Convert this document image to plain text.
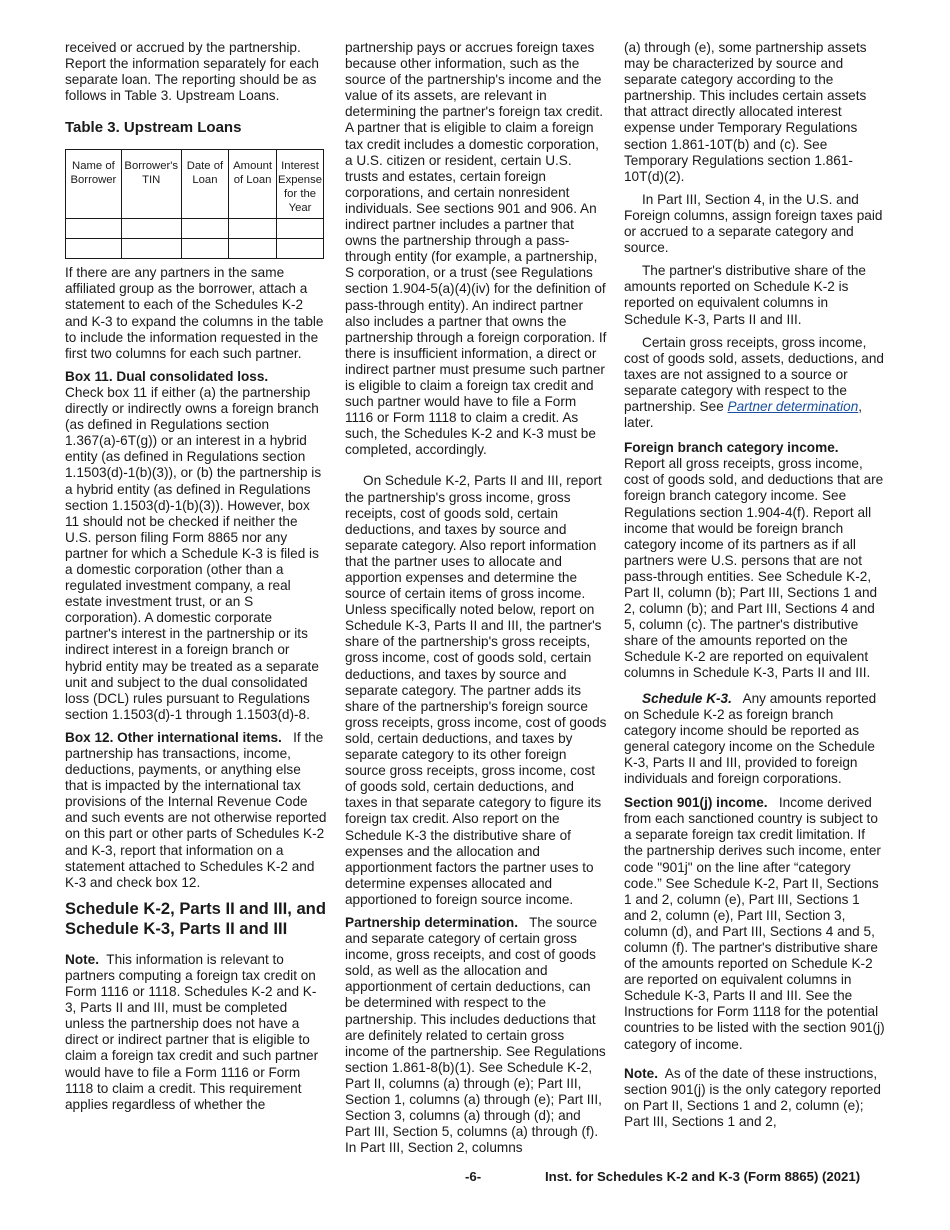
received or accrued by the partnership. Report the information separately for each separate loan. The reporting should be as follows in Table 3. Upstream Loans.

Table 3. Upstream Loans
Name of Borrower	Borrower's TIN	Date of Loan	Amount of Loan	Interest Expense for the Year

If there are any partners in the same affiliated group as the borrower, attach a statement to each of the Schedules K-2 and K-3 to expand the columns in the table to include the information requested in the first two columns for each such partner.

Box 11. Dual consolidated loss.
Check box 11 if either (a) the partnership directly or indirectly owns a foreign branch (as defined in Regulations section 1.367(a)-6T(g)) or an interest in a hybrid entity (as defined in Regulations section 1.1503(d)-1(b)(3)), or (b) the partnership is a hybrid entity (as defined in Regulations section 1.1503(d)-1(b)(3)). However, box 11 should not be checked if neither the U.S. person filing Form 8865 nor any partner for which a Schedule K-3 is filed is a domestic corporation (other than a regulated investment company, a real estate investment trust, or an S corporation). A domestic corporate partner's interest in the partnership or its indirect interest in a foreign branch or hybrid entity may be treated as a separate unit and subject to the dual consolidated loss (DCL) rules pursuant to Regulations section 1.1503(d)-1 through 1.1503(d)-8.

Box 12. Other international items. If the partnership has transactions, income, deductions, payments, or anything else that is impacted by the international tax provisions of the Internal Revenue Code and such events are not otherwise reported on this part or other parts of Schedules K-2 and K-3, report that information on a statement attached to Schedules K-2 and K-3 and check box 12.

Schedule K-2, Parts II and III, and Schedule K-3, Parts II and III

Note. This information is relevant to partners computing a foreign tax credit on Form 1116 or 1118. Schedules K-2 and K-3, Parts II and III, must be completed unless the partnership does not have a direct or indirect partner that is eligible to claim a foreign tax credit and such partner would have to file a Form 1116 or Form 1118 to claim a credit. This requirement applies regardless of whether the

partnership pays or accrues foreign taxes because other information, such as the source of the partnership's income and the value of its assets, are relevant in determining the partner's foreign tax credit. A partner that is eligible to claim a foreign tax credit includes a domestic corporation, a U.S. citizen or resident, certain U.S. trusts and estates, certain foreign corporations, and certain nonresident individuals. See sections 901 and 906. An indirect partner includes a partner that owns the partnership through a pass-through entity (for example, a partnership, S corporation, or a trust (see Regulations section 1.904-5(a)(4)(iv) for the definition of pass-through entity). An indirect partner also includes a partner that owns the partnership through a foreign corporation. If there is insufficient information, a direct or indirect partner must presume such partner is eligible to claim a foreign tax credit and such partner would have to file a Form 1116 or Form 1118 to claim a credit. As such, the Schedules K-2 and K-3 must be completed, accordingly.

On Schedule K-2, Parts II and III, report the partnership's gross income, gross receipts, cost of goods sold, certain deductions, and taxes by source and separate category. Also report information that the partner uses to allocate and apportion expenses and determine the source of certain items of gross income. Unless specifically noted below, report on Schedule K-3, Parts II and III, the partner's share of the partnership's gross receipts, gross income, cost of goods sold, certain deductions, and taxes by source and separate category. The partner adds its share of the partnership's foreign source gross receipts, gross income, cost of goods sold, certain deductions, and taxes by separate category to its other foreign source gross receipts, gross income, cost of goods sold, certain deductions, and taxes in that separate category to figure its foreign tax credit. Also report on the Schedule K-3 the distributive share of expenses and the allocation and apportionment factors the partner uses to determine expenses allocated and apportioned to foreign source income.

Partnership determination. The source and separate category of certain gross income, gross receipts, and cost of goods sold, as well as the allocation and apportionment of certain deductions, can be determined with respect to the partnership. This includes deductions that are definitely related to certain gross income of the partnership. See Regulations section 1.861-8(b)(1). See Schedule K-2, Part II, columns (a) through (e); Part III, Section 1, columns (a) through (e); Part III, Section 3, columns (a) through (d); and Part III, Section 5, columns (a) through (f). In Part III, Section 2, columns

(a) through (e), some partnership assets may be characterized by source and separate category according to the partnership. This includes certain assets that attract directly allocated interest expense under Temporary Regulations section 1.861-10T(b) and (c). See Temporary Regulations section 1.861-10T(d)(2).

In Part III, Section 4, in the U.S. and Foreign columns, assign foreign taxes paid or accrued to a separate category and source.

The partner's distributive share of the amounts reported on Schedule K-2 is reported on equivalent columns in Schedule K-3, Parts II and III.

Certain gross receipts, gross income, cost of goods sold, assets, deductions, and taxes are not assigned to a source or separate category with respect to the partnership. See Partner determination, later.

Foreign branch category income.
Report all gross receipts, gross income, cost of goods sold, and deductions that are foreign branch category income. See Regulations section 1.904-4(f). Report all income that would be foreign branch category income of its partners as if all partners were U.S. persons that are not pass-through entities. See Schedule K-2, Part II, column (b); Part III, Sections 1 and 2, column (b); and Part III, Sections 4 and 5, column (c). The partner's distributive share of the amounts reported on the Schedule K-2 are reported on equivalent columns in Schedule K-3, Parts II and III.

Schedule K-3. Any amounts reported on Schedule K-2 as foreign branch category income should be reported as general category income on the Schedule K-3, Parts II and III, provided to foreign individuals and foreign corporations.

Section 901(j) income. Income derived from each sanctioned country is subject to a separate foreign tax credit limitation. If the partnership derives such income, enter code "901j" on the line after “category code.” See Schedule K-2, Part II, Sections 1 and 2, column (e), Part III, Sections 1 and 2, column (e), Part III, Section 3, column (d), and Part III, Sections 4 and 5, column (f). The partner's distributive share of the amounts reported on Schedule K-2 are reported on equivalent columns in Schedule K-3, Parts II and III. See the Instructions for Form 1118 for the potential countries to be listed with the section 901(j) category of income.

Note. As of the date of these instructions, section 901(j) is the only category reported on Part II, Sections 1 and 2, column (e); Part III, Sections 1 and 2,

-6-	Inst. for Schedules K-2 and K-3 (Form 8865) (2021)
